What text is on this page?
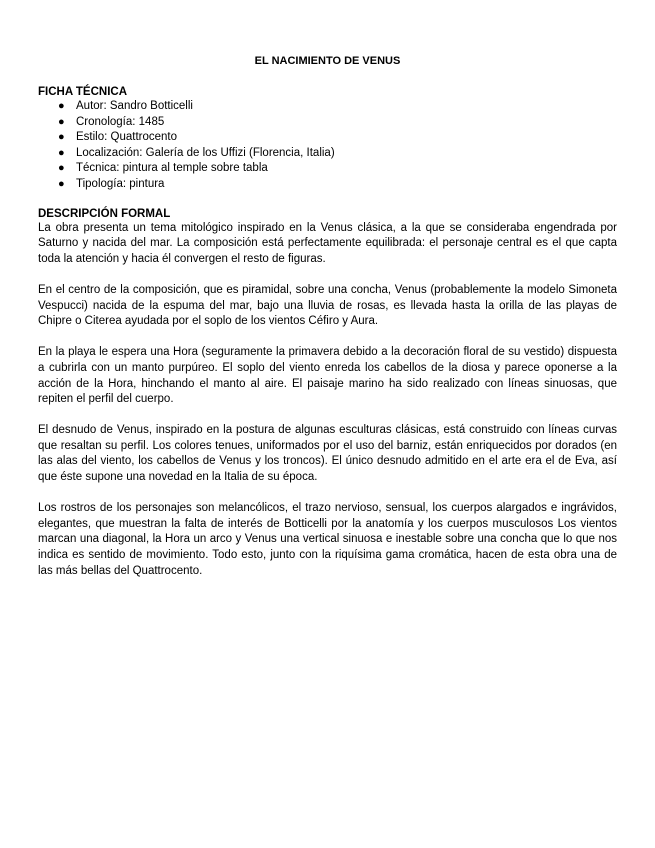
EL NACIMIENTO DE VENUS
FICHA TÉCNICA
● Autor: Sandro Botticelli
● Cronología: 1485
● Estilo: Quattrocento
● Localización: Galería de los Uffizi (Florencia, Italia)
● Técnica: pintura al temple sobre tabla
● Tipología: pintura
DESCRIPCIÓN FORMAL

La obra presenta un tema mitológico inspirado en la Venus clásica, a la que se consideraba engendrada por Saturno y nacida del mar. La composición está perfectamente equilibrada: el personaje central es el que capta toda la atención y hacia él convergen el resto de figuras.

En el centro de la composición, que es piramidal, sobre una concha, Venus (probablemente la modelo Simoneta Vespucci) nacida de la espuma del mar, bajo una lluvia de rosas, es llevada hasta la orilla de las playas de Chipre o Citerea ayudada por el soplo de los vientos Céfiro y Aura.

En la playa le espera una Hora (seguramente la primavera debido a la decoración floral de su vestido) dispuesta a cubrirla con un manto purpúreo. El soplo del viento enreda los cabellos de la diosa y parece oponerse a la acción de la Hora, hinchando el manto al aire. El paisaje marino ha sido realizado con líneas sinuosas, que repiten el perfil del cuerpo.

El desnudo de Venus, inspirado en la postura de algunas esculturas clásicas, está construido con líneas curvas que resaltan su perfil. Los colores tenues, uniformados por el uso del barniz, están enriquecidos por dorados (en las alas del viento, los cabellos de Venus y los troncos). El único desnudo admitido en el arte era el de Eva, así que éste supone una novedad en la Italia de su época.

Los rostros de los personajes son melancólicos, el trazo nervioso, sensual, los cuerpos alargados e ingrávidos, elegantes, que muestran la falta de interés de Botticelli por la anatomía y los cuerpos musculosos Los vientos marcan una diagonal, la Hora un arco y Venus una vertical sinuosa e inestable sobre una concha que lo que nos indica es sentido de movimiento. Todo esto, junto con la riquísima gama cromática, hacen de esta obra una de las más bellas del Quattrocento.
